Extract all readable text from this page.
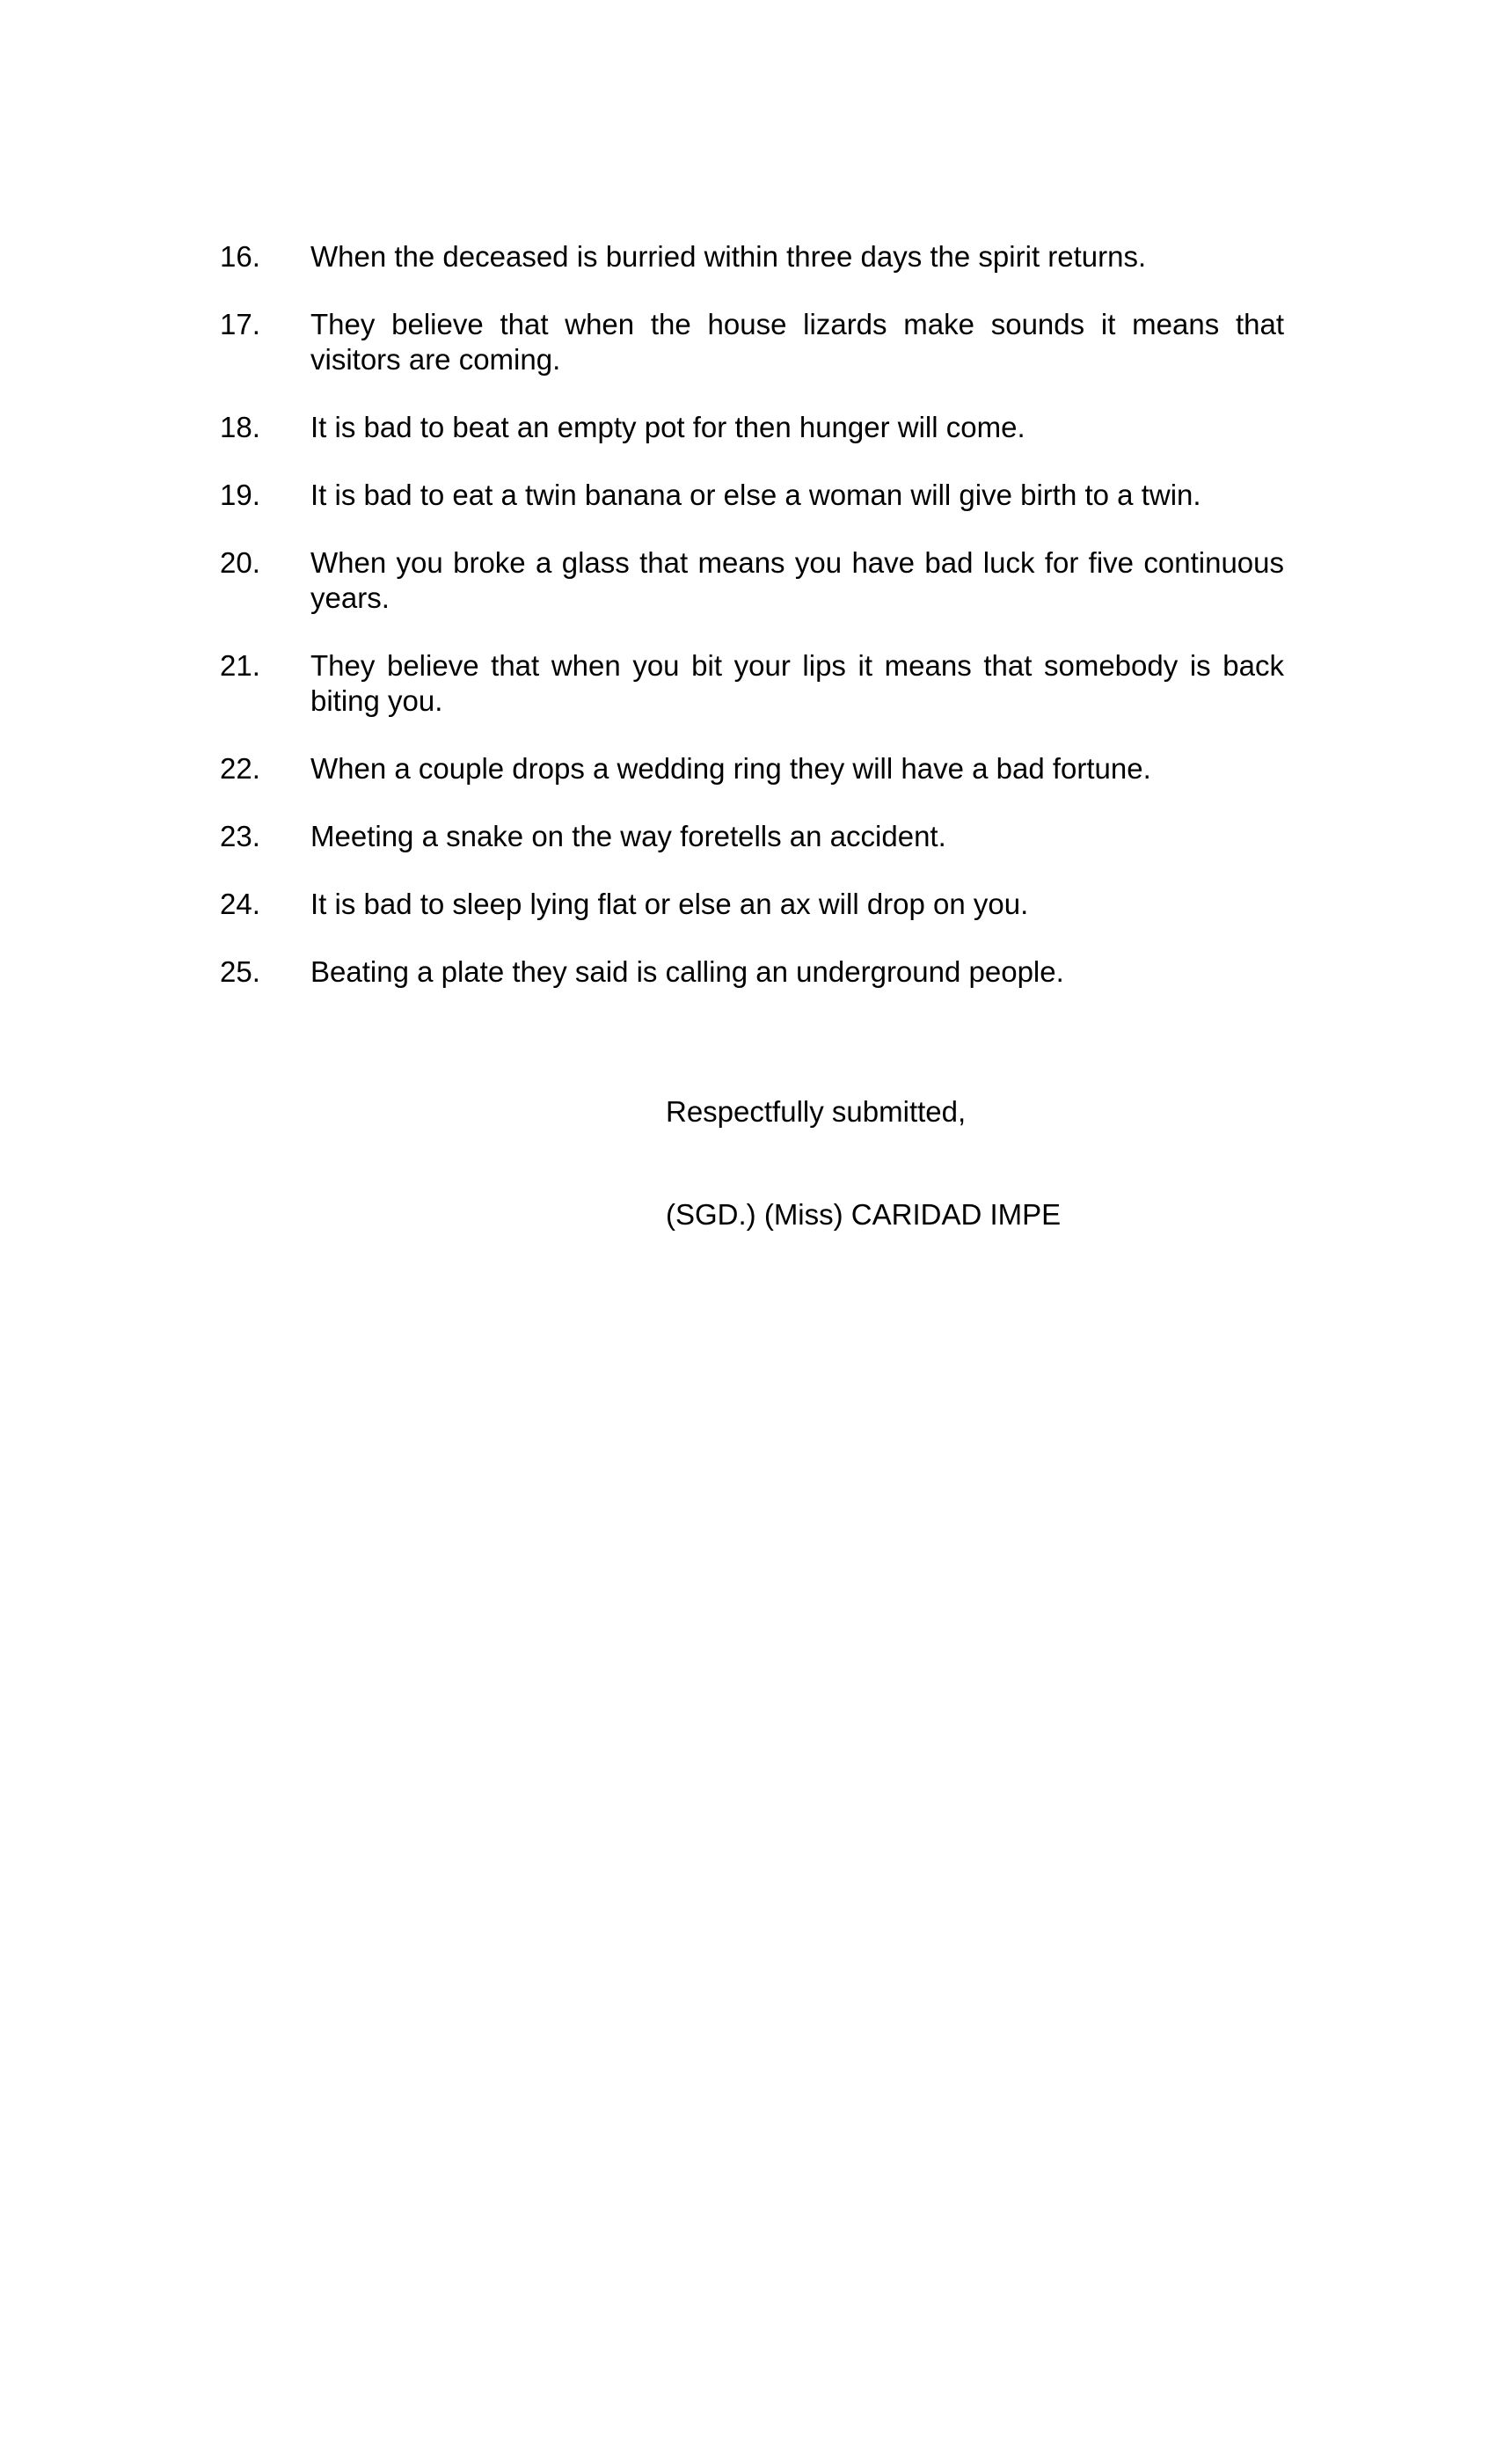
16.	When the deceased is burried within three days the spirit returns.
17.	They believe that when the house lizards make sounds it means that visitors are coming.
18.	It is bad to beat an empty pot for then hunger will come.
19.	It is bad to eat a twin banana or else a woman will give birth to a twin.
20.	When you broke a glass that means you have bad luck for five continuous years.
21.	They believe that when you bit your lips it means that somebody is back biting you.
22.	When a couple drops a wedding ring they will have a bad fortune.
23.	Meeting a snake on the way foretells an accident.
24.	It is bad to sleep lying flat or else an ax will drop on you.
25.	Beating a plate they said is calling an underground people.
Respectfully submitted,
(SGD.) (Miss) CARIDAD IMPE
